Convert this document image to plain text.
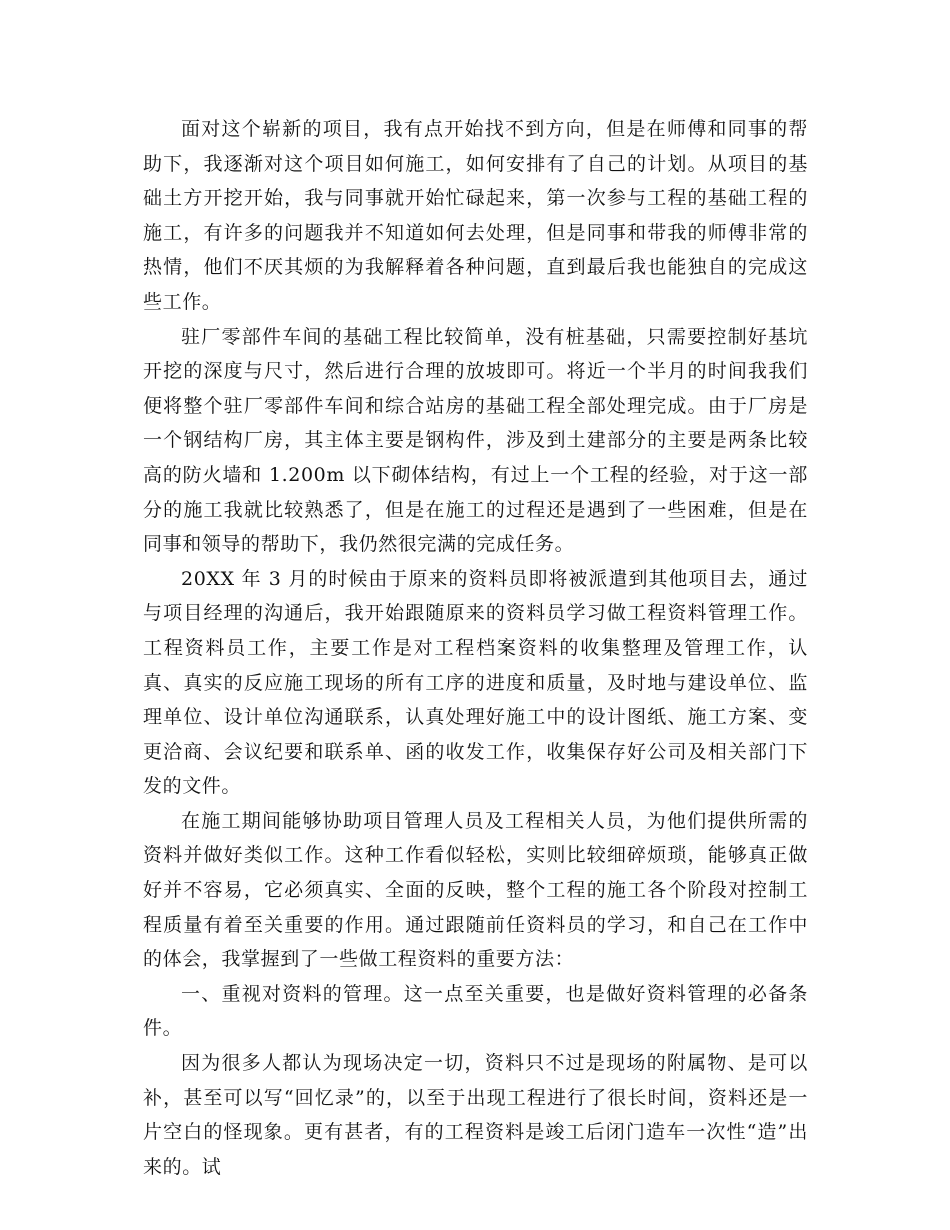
面对这个崭新的项目，我有点开始找不到方向，但是在师傅和同事的帮助下，我逐渐对这个项目如何施工，如何安排有了自己的计划。从项目的基础土方开挖开始，我与同事就开始忙碌起来，第一次参与工程的基础工程的施工，有许多的问题我并不知道如何去处理，但是同事和带我的师傅非常的热情，他们不厌其烦的为我解释着各种问题，直到最后我也能独自的完成这些工作。

驻厂零部件车间的基础工程比较简单，没有桩基础，只需要控制好基坑开挖的深度与尺寸，然后进行合理的放坡即可。将近一个半月的时间我我们便将整个驻厂零部件车间和综合站房的基础工程全部处理完成。由于厂房是一个钢结构厂房，其主体主要是钢构件，涉及到土建部分的主要是两条比较高的防火墙和 1.200m 以下砌体结构，有过上一个工程的经验，对于这一部分的施工我就比较熟悉了，但是在施工的过程还是遇到了一些困难，但是在同事和领导的帮助下，我仍然很完满的完成任务。

20XX 年 3 月的时候由于原来的资料员即将被派遣到其他项目去，通过与项目经理的沟通后，我开始跟随原来的资料员学习做工程资料管理工作。工程资料员工作，主要工作是对工程档案资料的收集整理及管理工作，认真、真实的反应施工现场的所有工序的进度和质量，及时地与建设单位、监理单位、设计单位沟通联系，认真处理好施工中的设计图纸、施工方案、变更洽商、会议纪要和联系单、函的收发工作，收集保存好公司及相关部门下发的文件。

在施工期间能够协助项目管理人员及工程相关人员，为他们提供所需的资料并做好类似工作。这种工作看似轻松，实则比较细碎烦琐，能够真正做好并不容易，它必须真实、全面的反映，整个工程的施工各个阶段对控制工程质量有着至关重要的作用。通过跟随前任资料员的学习，和自己在工作中的体会，我掌握到了一些做工程资料的重要方法：

一、重视对资料的管理。这一点至关重要，也是做好资料管理的必备条件。

因为很多人都认为现场决定一切，资料只不过是现场的附属物、是可以补，甚至可以写“回忆录”的，以至于出现工程进行了很长时间，资料还是一片空白的怪现象。更有甚者，有的工程资料是竣工后闭门造车一次性“造”出来的。试
